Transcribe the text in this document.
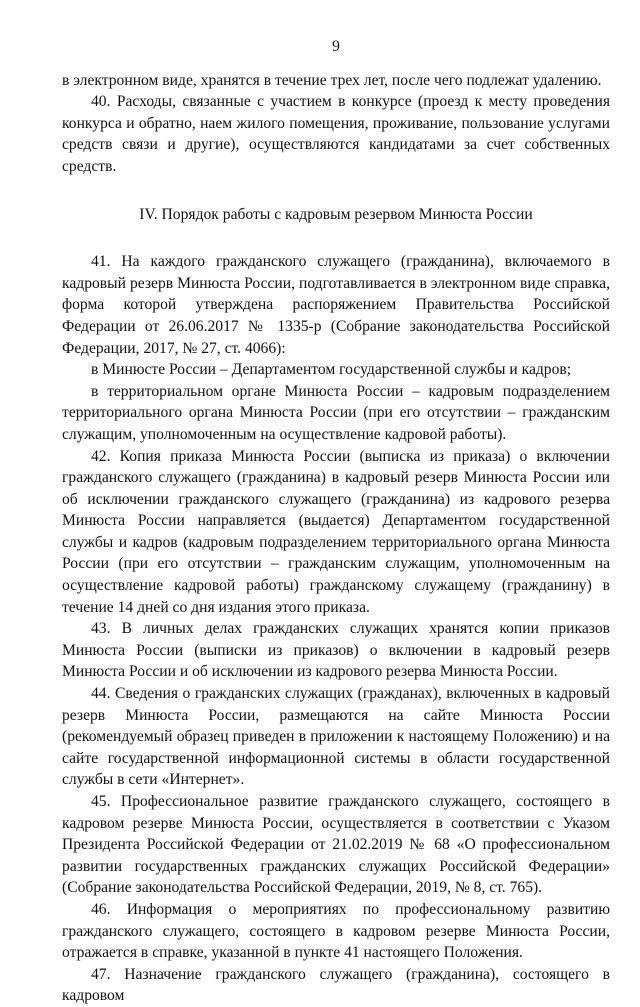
9

в электронном виде, хранятся в течение трех лет, после чего подлежат удалению.

40. Расходы, связанные с участием в конкурсе (проезд к месту проведения конкурса и обратно, наем жилого помещения, проживание, пользование услугами средств связи и другие), осуществляются кандидатами за счет собственных средств.

IV. Порядок работы с кадровым резервом Минюста России

41. На каждого гражданского служащего (гражданина), включаемого в кадровый резерв Минюста России, подготавливается в электронном виде справка, форма которой утверждена распоряжением Правительства Российской Федерации от 26.06.2017 № 1335-р (Собрание законодательства Российской Федерации, 2017, № 27, ст. 4066):

в Минюсте России – Департаментом государственной службы и кадров;

в территориальном органе Минюста России – кадровым подразделением территориального органа Минюста России (при его отсутствии – гражданским служащим, уполномоченным на осуществление кадровой работы).

42. Копия приказа Минюста России (выписка из приказа) о включении гражданского служащего (гражданина) в кадровый резерв Минюста России или об исключении гражданского служащего (гражданина) из кадрового резерва Минюста России направляется (выдается) Департаментом государственной службы и кадров (кадровым подразделением территориального органа Минюста России (при его отсутствии – гражданским служащим, уполномоченным на осуществление кадровой работы) гражданскому служащему (гражданину) в течение 14 дней со дня издания этого приказа.

43. В личных делах гражданских служащих хранятся копии приказов Минюста России (выписки из приказов) о включении в кадровый резерв Минюста России и об исключении из кадрового резерва Минюста России.

44. Сведения о гражданских служащих (гражданах), включенных в кадровый резерв Минюста России, размещаются на сайте Минюста России (рекомендуемый образец приведен в приложении к настоящему Положению) и на сайте государственной информационной системы в области государственной службы в сети «Интернет».

45. Профессиональное развитие гражданского служащего, состоящего в кадровом резерве Минюста России, осуществляется в соответствии с Указом Президента Российской Федерации от 21.02.2019 № 68 «О профессиональном развитии государственных гражданских служащих Российской Федерации» (Собрание законодательства Российской Федерации, 2019, № 8, ст. 765).

46. Информация о мероприятиях по профессиональному развитию гражданского служащего, состоящего в кадровом резерве Минюста России, отражается в справке, указанной в пункте 41 настоящего Положения.

47. Назначение гражданского служащего (гражданина), состоящего в кадровом
